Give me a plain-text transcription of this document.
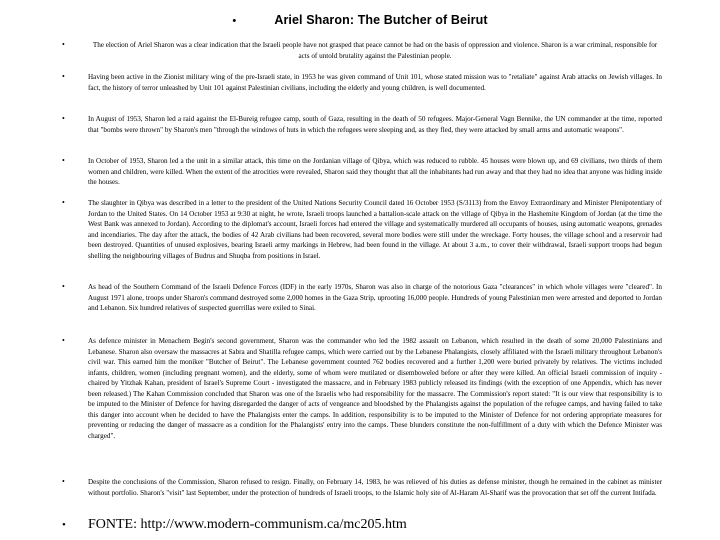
•	Ariel Sharon: The Butcher of Beirut
•	The election of Ariel Sharon was a clear indication that the Israeli people have not grasped that peace cannot be had on the basis of oppression and violence. Sharon is a war criminal, responsible for acts of untold brutality against the Palestinian people.
•	Having been active in the Zionist military wing of the pre-Israeli state, in 1953 he was given command of Unit 101, whose stated mission was to "retaliate" against Arab attacks on Jewish villages. In fact, the history of terror unleashed by Unit 101 against Palestinian civilians, including the elderly and young children, is well documented.
•	In August of 1953, Sharon led a raid against the El-Bureig refugee camp, south of Gaza, resulting in the death of 50 refugees. Major-General Vagn Bennike, the UN commander at the time, reported that "bombs were thrown" by Sharon's men "through the windows of huts in which the refugees were sleeping and, as they fled, they were attacked by small arms and automatic weapons".
•	In October of 1953, Sharon led a the unit in a similar attack, this time on the Jordanian village of Qibya, which was reduced to rubble. 45 houses were blown up, and 69 civilians, two thirds of them women and children, were killed. When the extent of the atrocities were revealed, Sharon said they thought that all the inhabitants had run away and that they had no idea that anyone was hiding inside the houses.
•	The slaughter in Qibya was described in a letter to the president of the United Nations Security Council dated 16 October 1953 (S/3113) from the Envoy Extraordinary and Minister Plenipotentiary of Jordan to the United States. On 14 October 1953 at 9:30 at night, he wrote, Israeli troops launched a battalion-scale attack on the village of Qibya in the Hashemite Kingdom of Jordan (at the time the West Bank was annexed to Jordan). According to the diplomat's account, Israeli forces had entered the village and systematically murdered all occupants of houses, using automatic weapons, grenades and incendiaries. The day after the attack, the bodies of 42 Arab civilians had been recovered, several more bodies were still under the wreckage. Forty houses, the village school and a reservoir had been destroyed. Quantities of unused explosives, bearing Israeli army markings in Hebrew, had been found in the village. At about 3 a.m., to cover their withdrawal, Israeli support troops had begun shelling the neighbouring villages of Budrus and Shuqba from positions in Israel.
•	As head of the Southern Command of the Israeli Defence Forces (IDF) in the early 1970s, Sharon was also in charge of the notorious Gaza "clearances" in which whole villages were "cleared". In August 1971 alone, troops under Sharon's command destroyed some 2,000 homes in the Gaza Strip, uprooting 16,000 people. Hundreds of young Palestinian men were arrested and deported to Jordan and Lebanon. Six hundred relatives of suspected guerrillas were exiled to Sinai.
•	As defence minister in Menachem Begin's second government, Sharon was the commander who led the 1982 assault on Lebanon, which resulted in the death of some 20,000 Palestinians and Lebanese. Sharon also oversaw the massacres at Sabra and Shatilla refugee camps, which were carried out by the Lebanese Phalangists, closely affiliated with the Israeli military throughout Lebanon's civil war. This earned him the moniker "Butcher of Beirut". The Lebanese government counted 762 bodies recovered and a further 1,200 were buried privately by relatives. The victims included infants, children, women (including pregnant women), and the elderly, some of whom were mutilated or disemboweled before or after they were killed. An official Israeli commission of inquiry - chaired by Yitzhak Kahan, president of Israel's Supreme Court - investigated the massacre, and in February 1983 publicly released its findings (with the exception of one Appendix, which has never been released.) The Kahan Commission concluded that Sharon was one of the Israelis who had responsibility for the massacre. The Commission's report stated: "It is our view that responsibility is to be imputed to the Minister of Defence for having disregarded the danger of acts of vengeance and bloodshed by the Phalangists against the population of the refugee camps, and having failed to take this danger into account when he decided to have the Phalangists enter the camps. In addition, responsibility is to be imputed to the Minister of Defence for not ordering appropriate measures for preventing or reducing the danger of massacre as a condition for the Phalangists' entry into the camps. These blunders constitute the non-fulfillment of a duty with which the Defence Minister was charged".
•	Despite the conclusions of the Commission, Sharon refused to resign. Finally, on February 14, 1983, he was relieved of his duties as defense minister, though he remained in the cabinet as minister without portfolio. Sharon's "visit" last September, under the protection of hundreds of Israeli troops, to the Islamic holy site of Al-Haram Al-Sharif was the provocation that set off the current Intifada.
• FONTE: http://www.modern-communism.ca/mc205.htm
